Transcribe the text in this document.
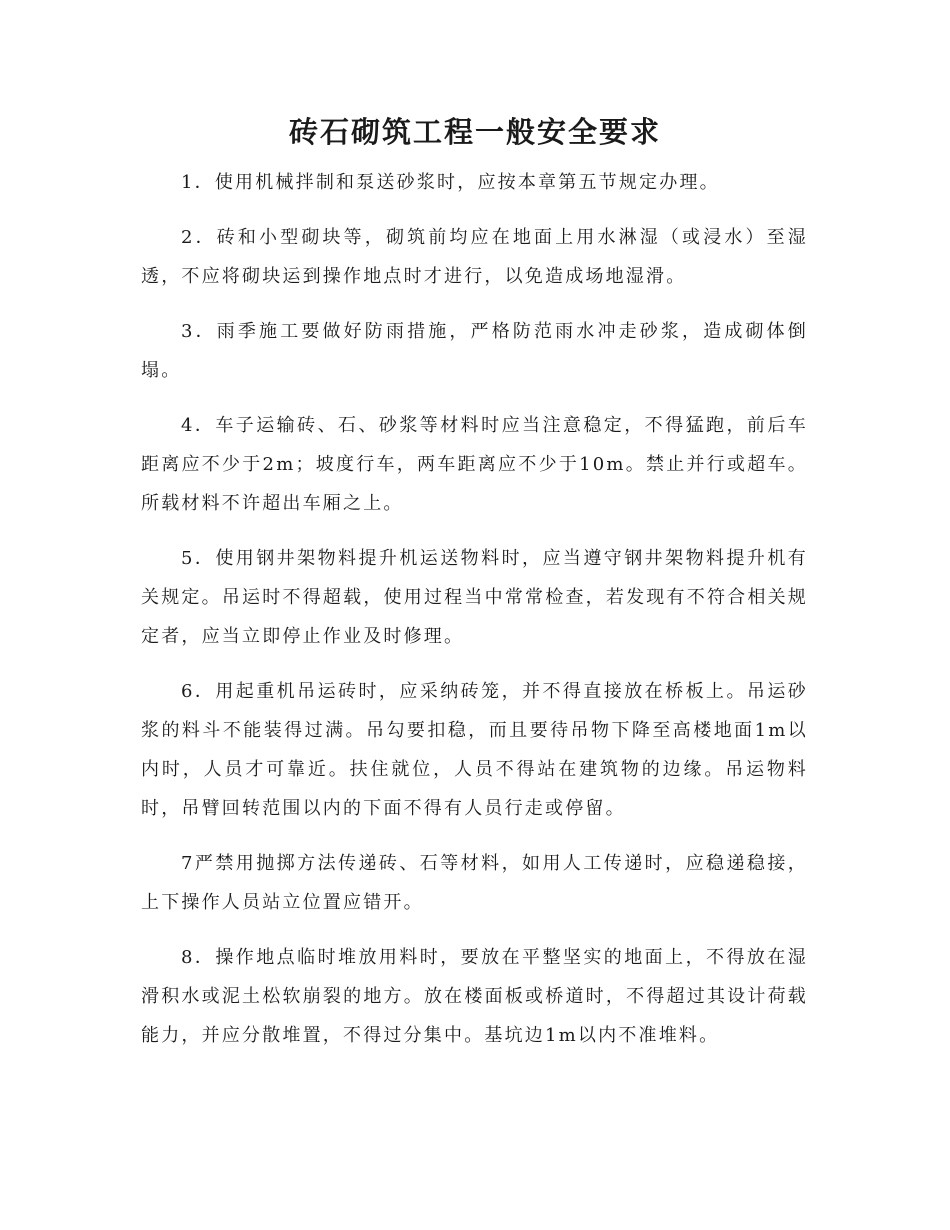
砖石砌筑工程一般安全要求

1．使用机械拌制和泵送砂浆时，应按本章第五节规定办理。

2．砖和小型砌块等，砌筑前均应在地面上用水淋湿（或浸水）至湿透，不应将砌块运到操作地点时才进行，以免造成场地湿滑。

3．雨季施工要做好防雨措施，严格防范雨水冲走砂浆，造成砌体倒塌。

4．车子运输砖、石、砂浆等材料时应当注意稳定，不得猛跑，前后车距离应不少于2m；坡度行车，两车距离应不少于10m。禁止并行或超车。所载材料不许超出车厢之上。

5．使用钢井架物料提升机运送物料时，应当遵守钢井架物料提升机有关规定。吊运时不得超载，使用过程当中常常检查，若发现有不符合相关规定者，应当立即停止作业及时修理。

6．用起重机吊运砖时，应采纳砖笼，并不得直接放在桥板上。吊运砂浆的料斗不能装得过满。吊勾要扣稳，而且要待吊物下降至高楼地面1m以内时，人员才可靠近。扶住就位，人员不得站在建筑物的边缘。吊运物料时，吊臂回转范围以内的下面不得有人员行走或停留。

7严禁用抛掷方法传递砖、石等材料，如用人工传递时，应稳递稳接，上下操作人员站立位置应错开。

8．操作地点临时堆放用料时，要放在平整坚实的地面上，不得放在湿滑积水或泥土松软崩裂的地方。放在楼面板或桥道时，不得超过其设计荷载能力，并应分散堆置，不得过分集中。基坑边1m以内不准堆料。
